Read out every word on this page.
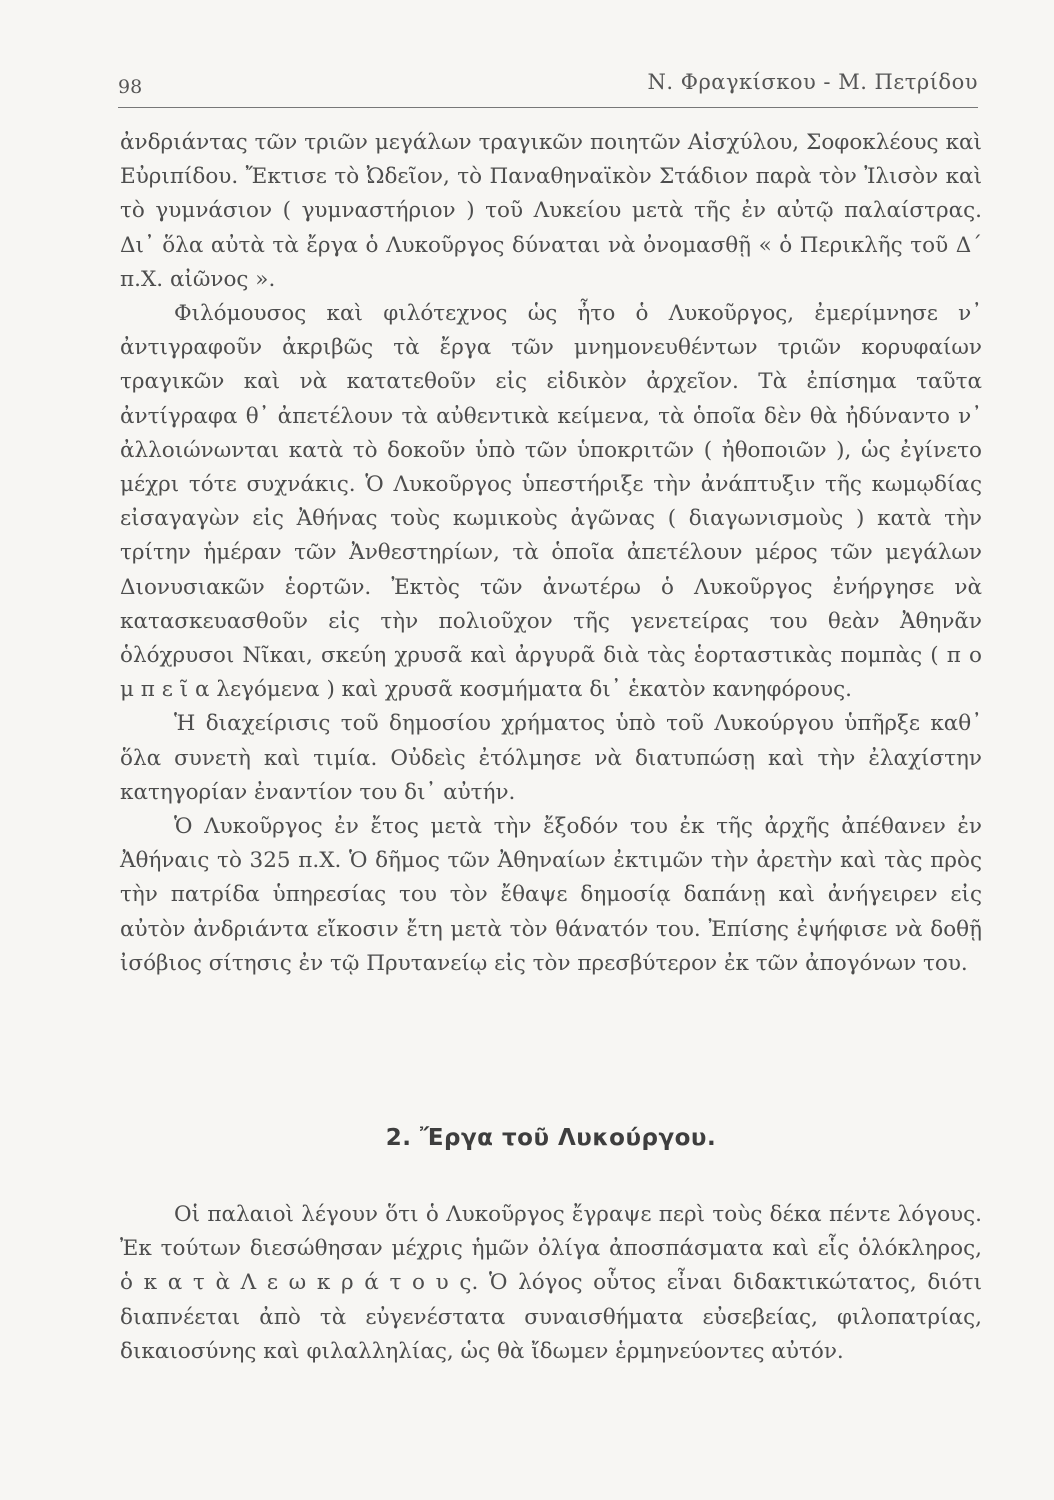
98	Ν. Φραγκίσκου - Μ. Πετρίδου

ἀνδριάντας τῶν τριῶν μεγάλων τραγικῶν ποιητῶν Αἰσχύλου, Σοφοκλέους καὶ Εὐριπίδου. Ἔκτισε τὸ Ὠδεῖον, τὸ Παναθηναϊκὸν Στάδιον παρὰ τὸν Ἰλισὸν καὶ τὸ γυμνάσιον ( γυμναστήριον ) τοῦ Λυκείου μετὰ τῆς ἐν αὐτῷ παλαίστρας. Δι᾿ ὅλα αὐτὰ τὰ ἔργα ὁ Λυκοῦργος δύναται νὰ ὀνομασθῇ « ὁ Περικλῆς τοῦ Δ΄ π.Χ. αἰῶνος ».

Φιλόμουσος καὶ φιλότεχνος ὡς ἦτο ὁ Λυκοῦργος, ἐμερίμνησε ν᾿ ἀντιγραφοῦν ἀκριβῶς τὰ ἔργα τῶν μνημονευθέντων τριῶν κορυφαίων τραγικῶν καὶ νὰ κατατεθοῦν εἰς εἰδικὸν ἀρχεῖον. Τὰ ἐπίσημα ταῦτα ἀντίγραφα θ᾿ ἀπετέλουν τὰ αὐθεντικὰ κείμενα, τὰ ὁποῖα δὲν θὰ ἠδύναντο ν᾿ ἀλλοιώνωνται κατὰ τὸ δοκοῦν ὑπὸ τῶν ὑποκριτῶν ( ἠθοποιῶν ), ὡς ἐγίνετο μέχρι τότε συχνάκις. Ὁ Λυκοῦργος ὑπεστήριξε τὴν ἀνάπτυξιν τῆς κωμῳδίας εἰσαγαγὼν εἰς Ἀθήνας τοὺς κωμικοὺς ἀγῶνας ( διαγωνισμοὺς ) κατὰ τὴν τρίτην ἡμέραν τῶν Ἀνθεστηρίων, τὰ ὁποῖα ἀπετέλουν μέρος τῶν μεγάλων Διονυσιακῶν ἑορτῶν. Ἐκτὸς τῶν ἀνωτέρω ὁ Λυκοῦργος ἐνήργησε νὰ κατασκευασθοῦν εἰς τὴν πολιοῦχον τῆς γενετείρας του θεὰν Ἀθηνᾶν ὁλόχρυσοι Νῖκαι, σκεύη χρυσᾶ καὶ ἀργυρᾶ διὰ τὰς ἑορταστικὰς πομπὰς ( π ο μ π ε ῖ α λεγόμενα ) καὶ χρυσᾶ κοσμήματα δι᾿ ἑκατὸν κανηφόρους.

Ἡ διαχείρισις τοῦ δημοσίου χρήματος ὑπὸ τοῦ Λυκούργου ὑπῆρξε καθ᾿ ὅλα συνετὴ καὶ τιμία. Οὐδεὶς ἐτόλμησε νὰ διατυπώσῃ καὶ τὴν ἐλαχίστην κατηγορίαν ἐναντίον του δι᾿ αὐτήν.

Ὁ Λυκοῦργος ἐν ἔτος μετὰ τὴν ἔξοδόν του ἐκ τῆς ἀρχῆς ἀπέθανεν ἐν Ἀθήναις τὸ 325 π.Χ. Ὁ δῆμος τῶν Ἀθηναίων ἐκτιμῶν τὴν ἀρετὴν καὶ τὰς πρὸς τὴν πατρίδα ὑπηρεσίας του τὸν ἔθαψε δημοσίᾳ δαπάνῃ καὶ ἀνήγειρεν εἰς αὐτὸν ἀνδριάντα εἴκοσιν ἔτη μετὰ τὸν θάνατόν του. Ἐπίσης ἐψήφισε νὰ δοθῇ ἰσόβιος σίτησις ἐν τῷ Πρυτανείῳ εἰς τὸν πρεσβύτερον ἐκ τῶν ἀπογόνων του.

2. Ἔργα τοῦ Λυκούργου.

Οἱ παλαιοὶ λέγουν ὅτι ὁ Λυκοῦργος ἔγραψε περὶ τοὺς δέκα πέντε λόγους. Ἐκ τούτων διεσώθησαν μέχρις ἡμῶν ὀλίγα ἀποσπάσματα καὶ εἷς ὁλόκληρος, ὁ κ α τ ὰ Λ ε ω κ ρ ά τ ο υ ς. Ὁ λόγος οὗτος εἶναι διδακτικώτατος, διότι διαπνέεται ἀπὸ τὰ εὐγενέστατα συναισθήματα εὐσεβείας, φιλοπατρίας, δικαιοσύνης καὶ φιλαλληλίας, ὡς θὰ ἴδωμεν ἑρμηνεύοντες αὐτόν.
